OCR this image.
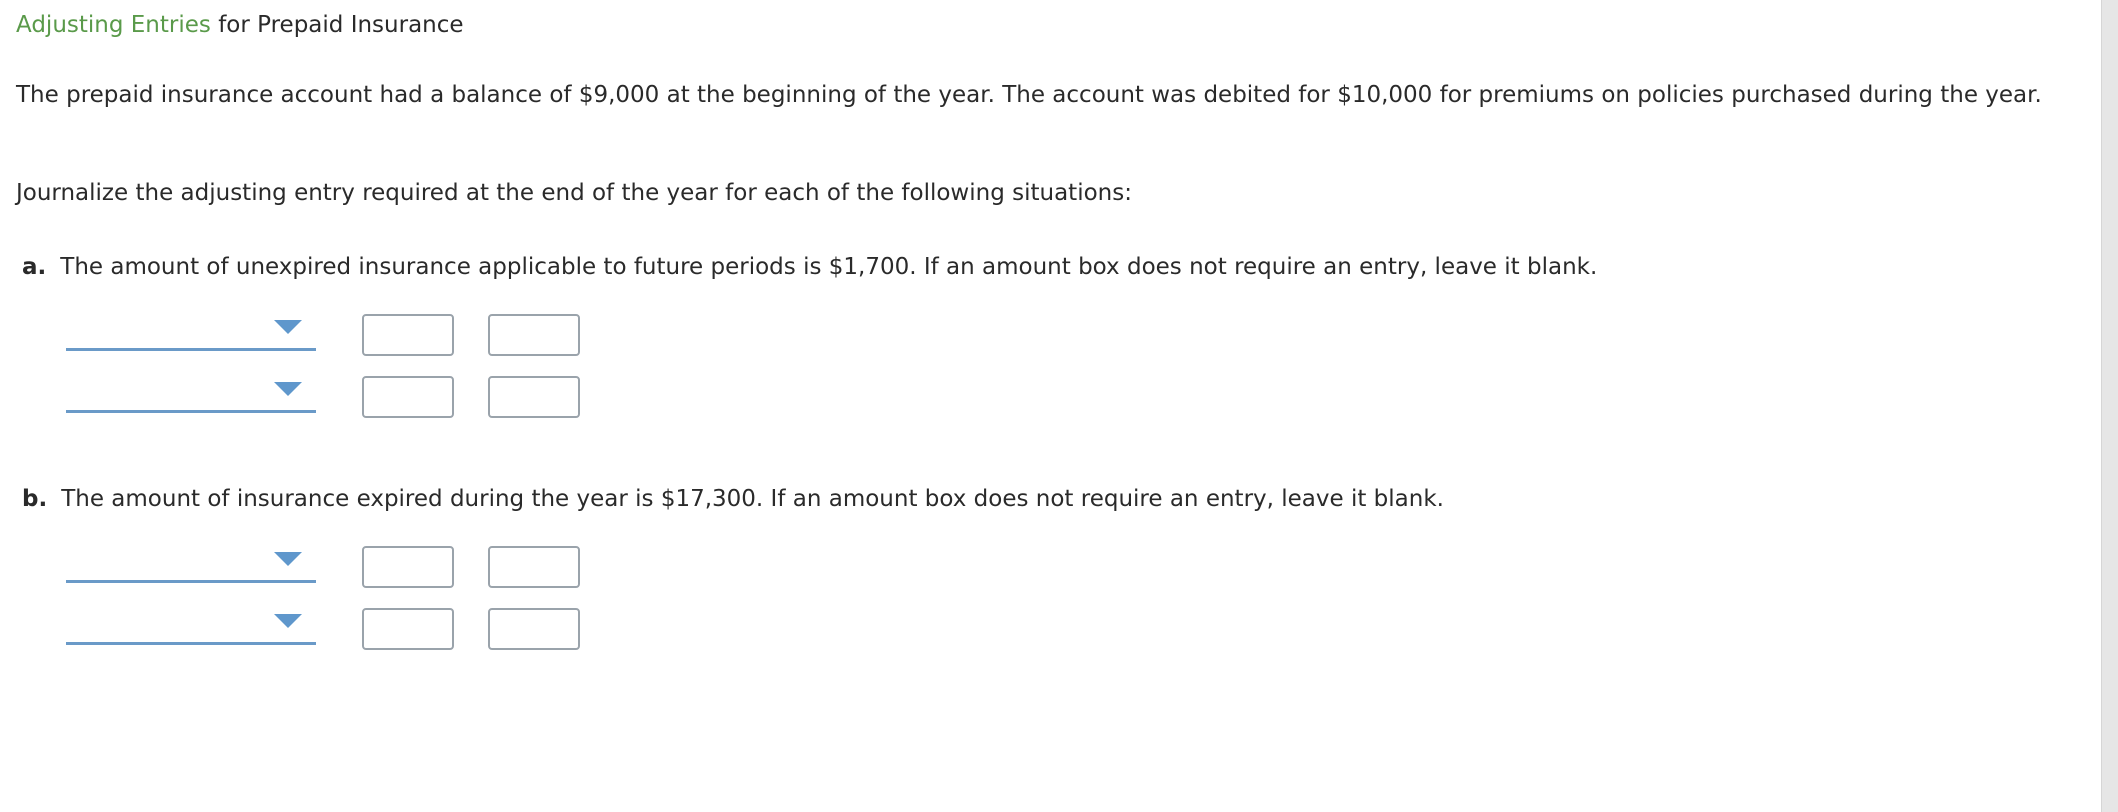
Adjusting Entries for Prepaid Insurance
The prepaid insurance account had a balance of $9,000 at the beginning of the year. The account was debited for $10,000 for premiums on policies purchased during the year.
Journalize the adjusting entry required at the end of the year for each of the following situations:
a. The amount of unexpired insurance applicable to future periods is $1,700. If an amount box does not require an entry, leave it blank.
b. The amount of insurance expired during the year is $17,300. If an amount box does not require an entry, leave it blank.
